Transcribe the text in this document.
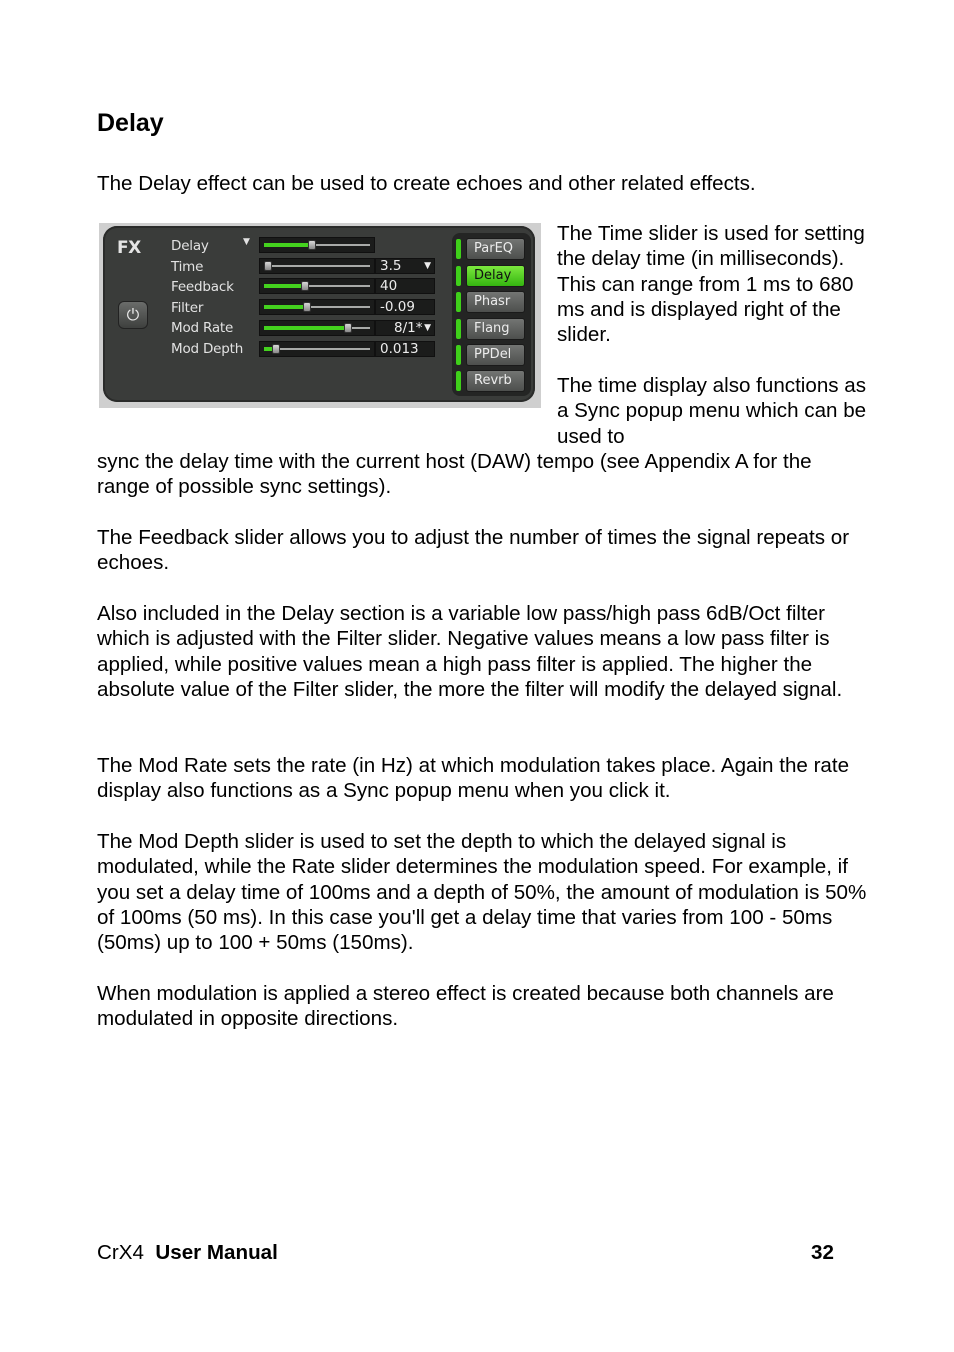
Delay
The Delay effect can be used to create echoes and other related effects.
FX
⏻
Delay	▼
Time	3.5	▼
Feedback	40
Filter	-0.09
Mod Rate	8/1* ▼
Mod Depth	0.013
ParEQ
Delay
Phasr
Flang
PPDel
Revrb
The Time slider is used for setting the delay time (in milliseconds). This can range from 1 ms to 680 ms and is displayed right of the slider.
The time display also functions as a Sync popup menu which can be used to
sync the delay time with the current host (DAW) tempo (see Appendix A for the range of possible sync settings).
The Feedback slider allows you to adjust the number of times the signal repeats or echoes.
Also included in the Delay section is a variable low pass/high pass 6dB/Oct filter which is adjusted with the Filter slider. Negative values means a low pass filter is applied, while positive values mean a high pass filter is applied. The higher the absolute value of the Filter slider, the more the filter will modify the delayed signal.
The Mod Rate sets the rate (in Hz) at which modulation takes place. Again the rate display also functions as a Sync popup menu when you click it.
The Mod Depth slider is used to set the depth to which the delayed signal is modulated, while the Rate slider determines the modulation speed. For example, if you set a delay time of 100ms and a depth of 50%, the amount of modulation is 50% of 100ms (50 ms). In this case you'll get a delay time that varies from 100 - 50ms (50ms) up to 100 + 50ms (150ms).
When modulation is applied a stereo effect is created because both channels are modulated in opposite directions.
CrX4 User Manual	32
